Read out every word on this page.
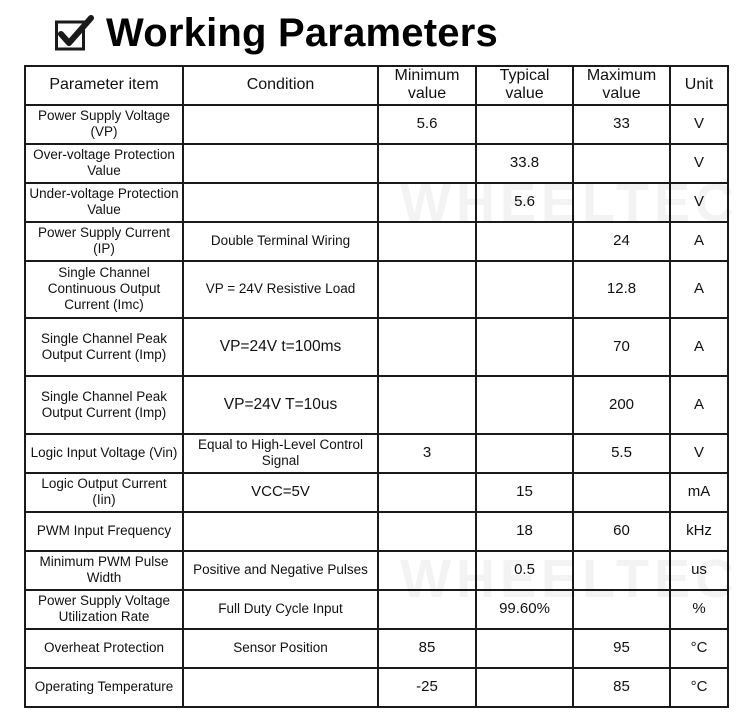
Working Parameters
Parameter item	Condition	Minimum value	Typical value	Maximum value	Unit
Power Supply Voltage (VP)		5.6		33	V
Over-voltage Protection Value			33.8		V
Under-voltage Protection Value			5.6		V
Power Supply Current (IP)	Double Terminal Wiring			24	A
Single Channel Continuous Output Current (Imc)	VP = 24V Resistive Load			12.8	A
Single Channel Peak Output Current (Imp)	VP=24V t=100ms			70	A
Single Channel Peak Output Current (Imp)	VP=24V T=10us			200	A
Logic Input Voltage (Vin)	Equal to High-Level Control Signal	3		5.5	V
Logic Output Current (Iin)	VCC=5V		15		mA
PWM Input Frequency			18	60	kHz
Minimum PWM Pulse Width	Positive and Negative Pulses		0.5		us
Power Supply Voltage Utilization Rate	Full Duty Cycle Input		99.60%		%
Overheat Protection	Sensor Position	85		95	°C
Operating Temperature		-25		85	°C
